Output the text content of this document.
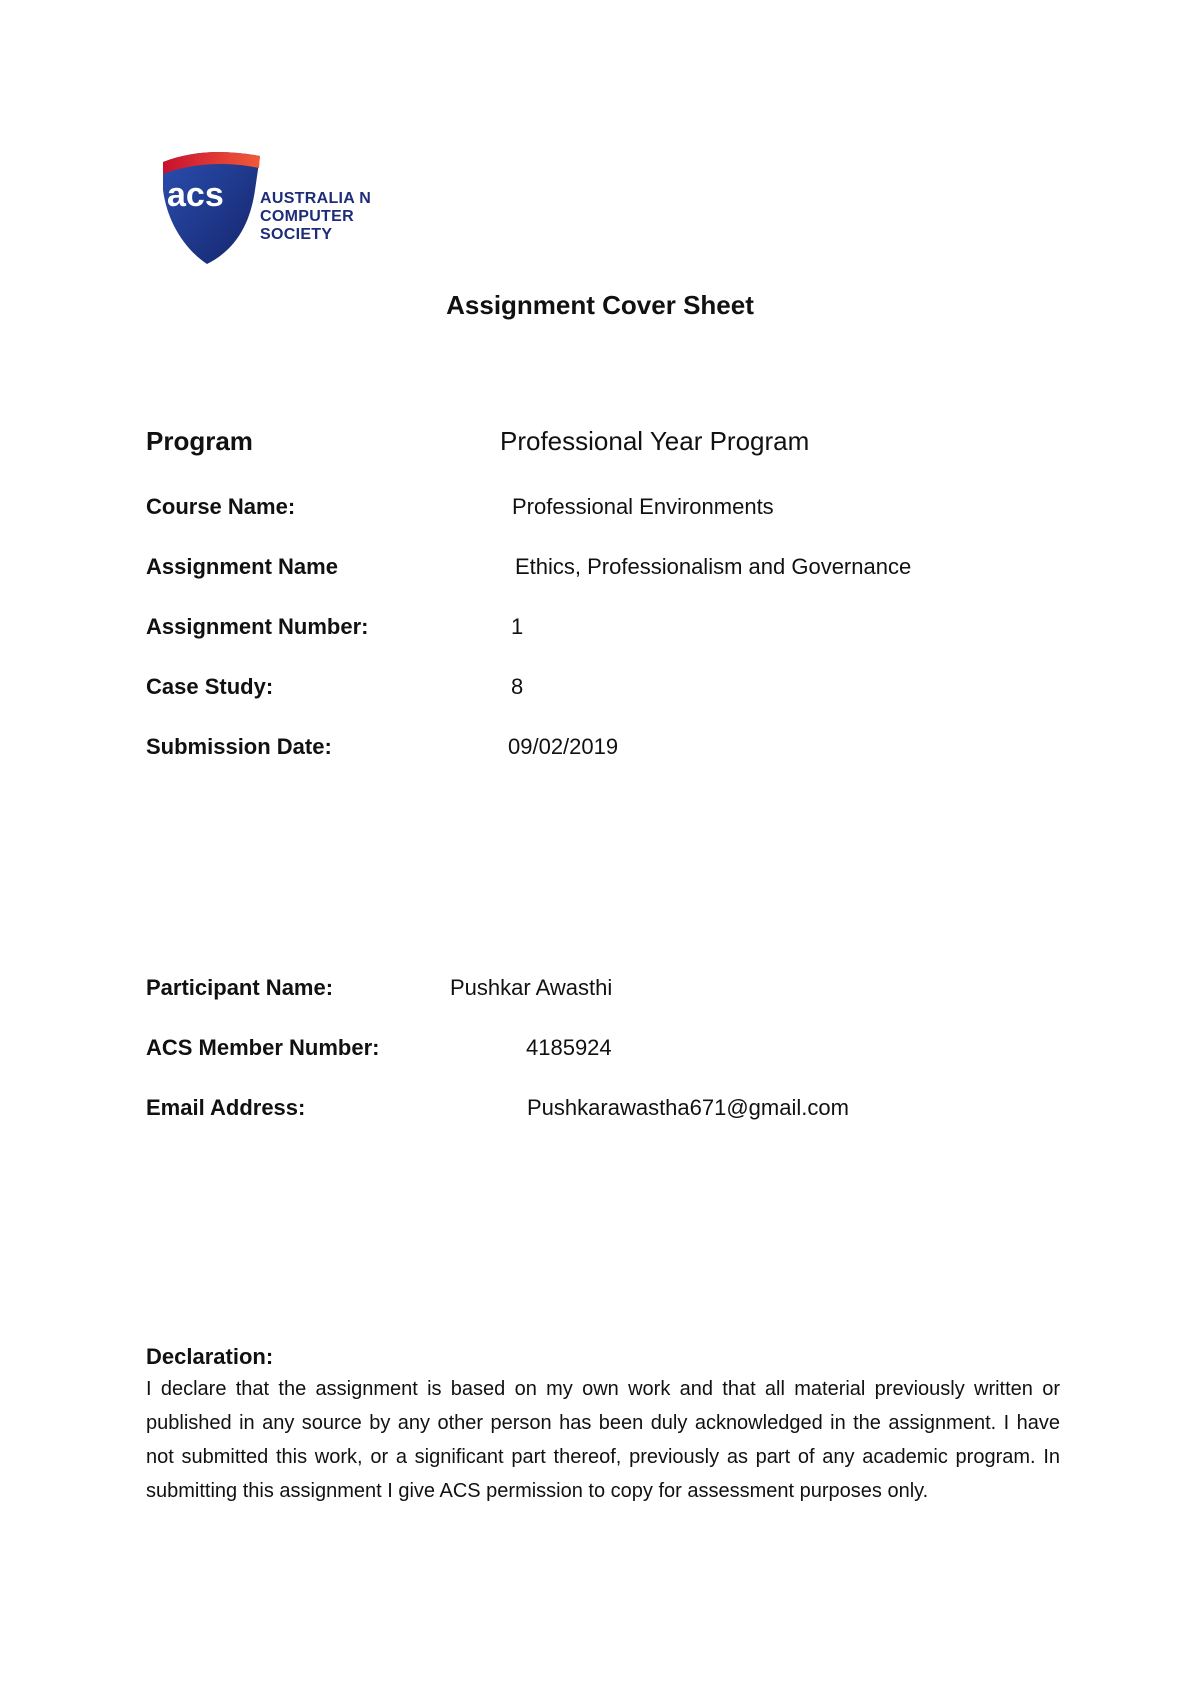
acs AUSTRALIA N
COMPUTER
SOCIETY
Assignment Cover Sheet
Program	Professional Year Program
Course Name:	Professional Environments
Assignment Name	Ethics, Professionalism and Governance
Assignment Number:	1
Case Study:	8
Submission Date:	09/02/2019
Participant Name:	Pushkar Awasthi
ACS Member Number:	4185924
Email Address:	Pushkarawastha671@gmail.com
Declaration:
I declare that the assignment is based on my own work and that all material previously written or published in any source by any other person has been duly acknowledged in the assignment. I have not submitted this work, or a significant part thereof, previously as part of any academic program. In submitting this assignment I give ACS permission to copy for assessment purposes only.
